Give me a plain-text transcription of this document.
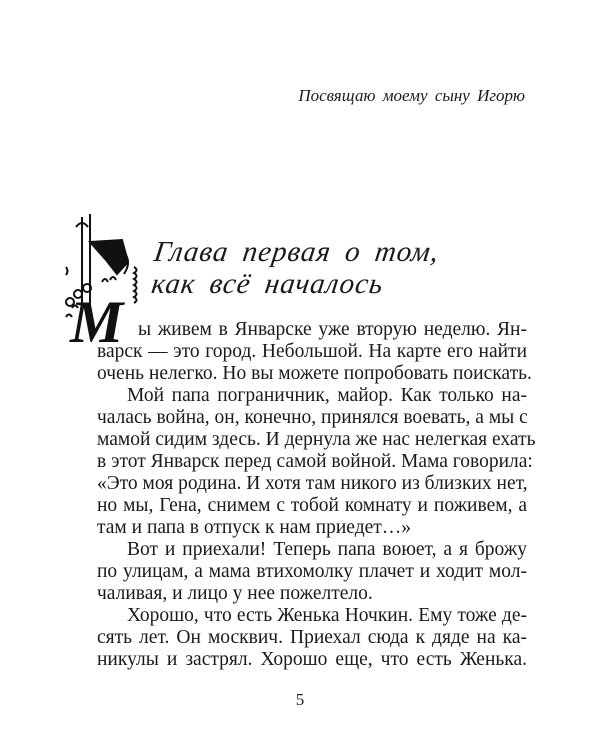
Посвящаю моему сыну Игорю
М
Глава первая о том,
как всё началось
ы живем в Январске уже вторую неделю. Ян-
варск — это город. Небольшой. На карте его найти
очень нелегко. Но вы можете попробовать поискать.
Мой папа пограничник, майор. Как только на-
чалась война, он, конечно, принялся воевать, а мы с
мамой сидим здесь. И дернула же нас нелегкая ехать
в этот Январск перед самой войной. Мама говорила:
«Это моя родина. И хотя там никого из близких нет,
но мы, Гена, снимем с тобой комнату и поживем, а
там и папа в отпуск к нам приедет…»
Вот и приехали! Теперь папа воюет, а я брожу
по улицам, а мама втихомолку плачет и ходит мол-
чаливая, и лицо у нее пожелтело.
Хорошо, что есть Женька Ночкин. Ему тоже де-
сять лет. Он москвич. Приехал сюда к дяде на ка-
никулы и застрял. Хорошо еще, что есть Женька.
5
